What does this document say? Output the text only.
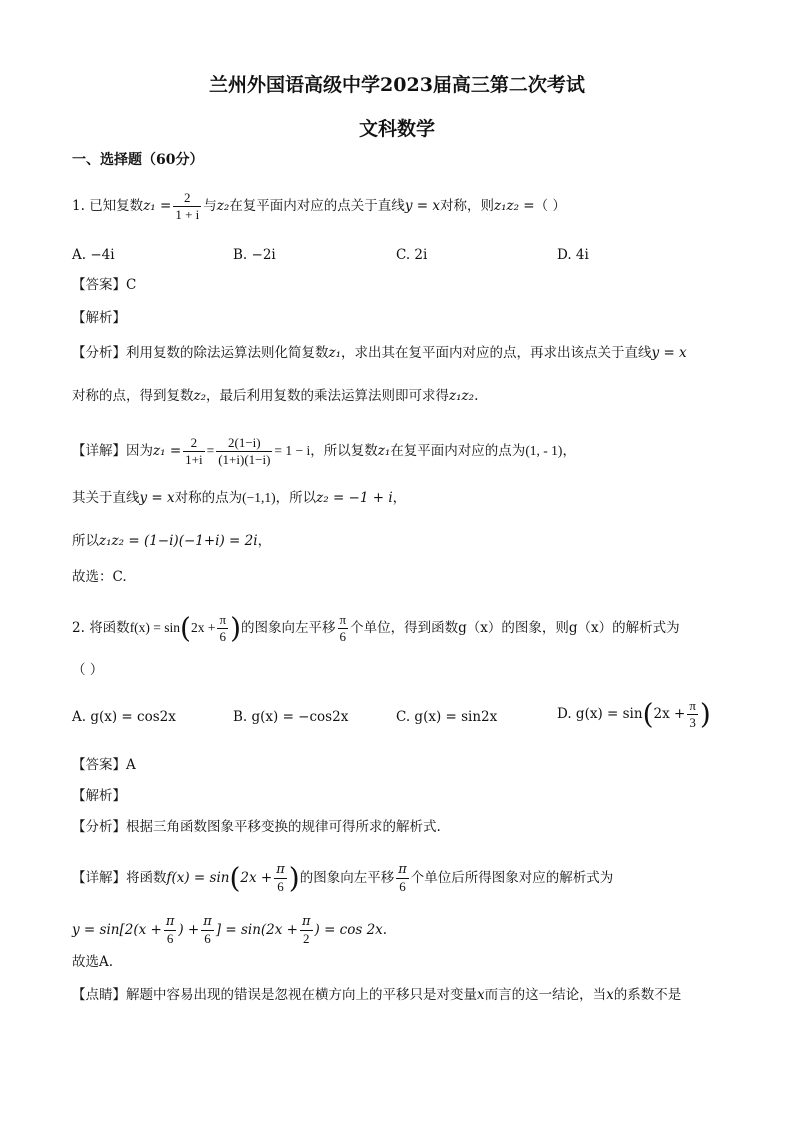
兰州外国语高级中学2023届高三第二次考试
文科数学
一、选择题（60分）
1. 已知复数$z_1 = \frac{2}{1 + i}$ 与z₂在复平面内对应的点关于直线y = x对称，则z₁z₂ =（ ）
A. −4i	B. −2i	C. 2i	D. 4i
【答案】C
【解析】
【分析】利用复数的除法运算法则化简复数z₁，求出其在复平面内对应的点，再求出该点关于直线y = x
对称的点，得到复数z₂，最后利用复数的乘法运算法则即可求得z₁z₂.
【详解】因为$z_1 = \frac{2}{1+i} = \frac{2(1-i)}{(1+i)(1-i)} = 1 - i$，所以复数z₁在复平面内对应的点为(1, - 1)，
其关于直线y = x对称的点为(−1,1)，所以z₂ = −1 + i，
所以z₁z₂ = (1−i)(−1+i) = 2i，
故选：C.
2. 将函数$f(x) = \sin(2x + \frac{\pi}{6}$ )的图象向左平移 $\frac{\pi}{6}$ 个单位，得到函数g（x）的图象，则g（x）的解析式为
（ ）
A. g(x) = cos2x	B. g(x) = −cos2x	C. g(x) = sin2x	D. $g(x) = \sin(2x + \frac{\pi}{3}$ )
【答案】A
【解析】
【分析】根据三角函数图象平移变换的规律可得所求的解析式.
【详解】将函数$f(x) = \sin(2x + \frac{\pi}{6}$ )的图象向左平移 $\frac{\pi}{6}$ 个单位后所得图象对应的解析式为
$y = \sin[2(x + \frac{\pi}{6}$ ) + $\frac{\pi}{6}$ ] = $\sin(2x + \frac{\pi}{2}$ ) = cos 2x.
故选A.
【点睛】解题中容易出现的错误是忽视在横方向上的平移只是对变量x而言的这一结论，当x的系数不是
